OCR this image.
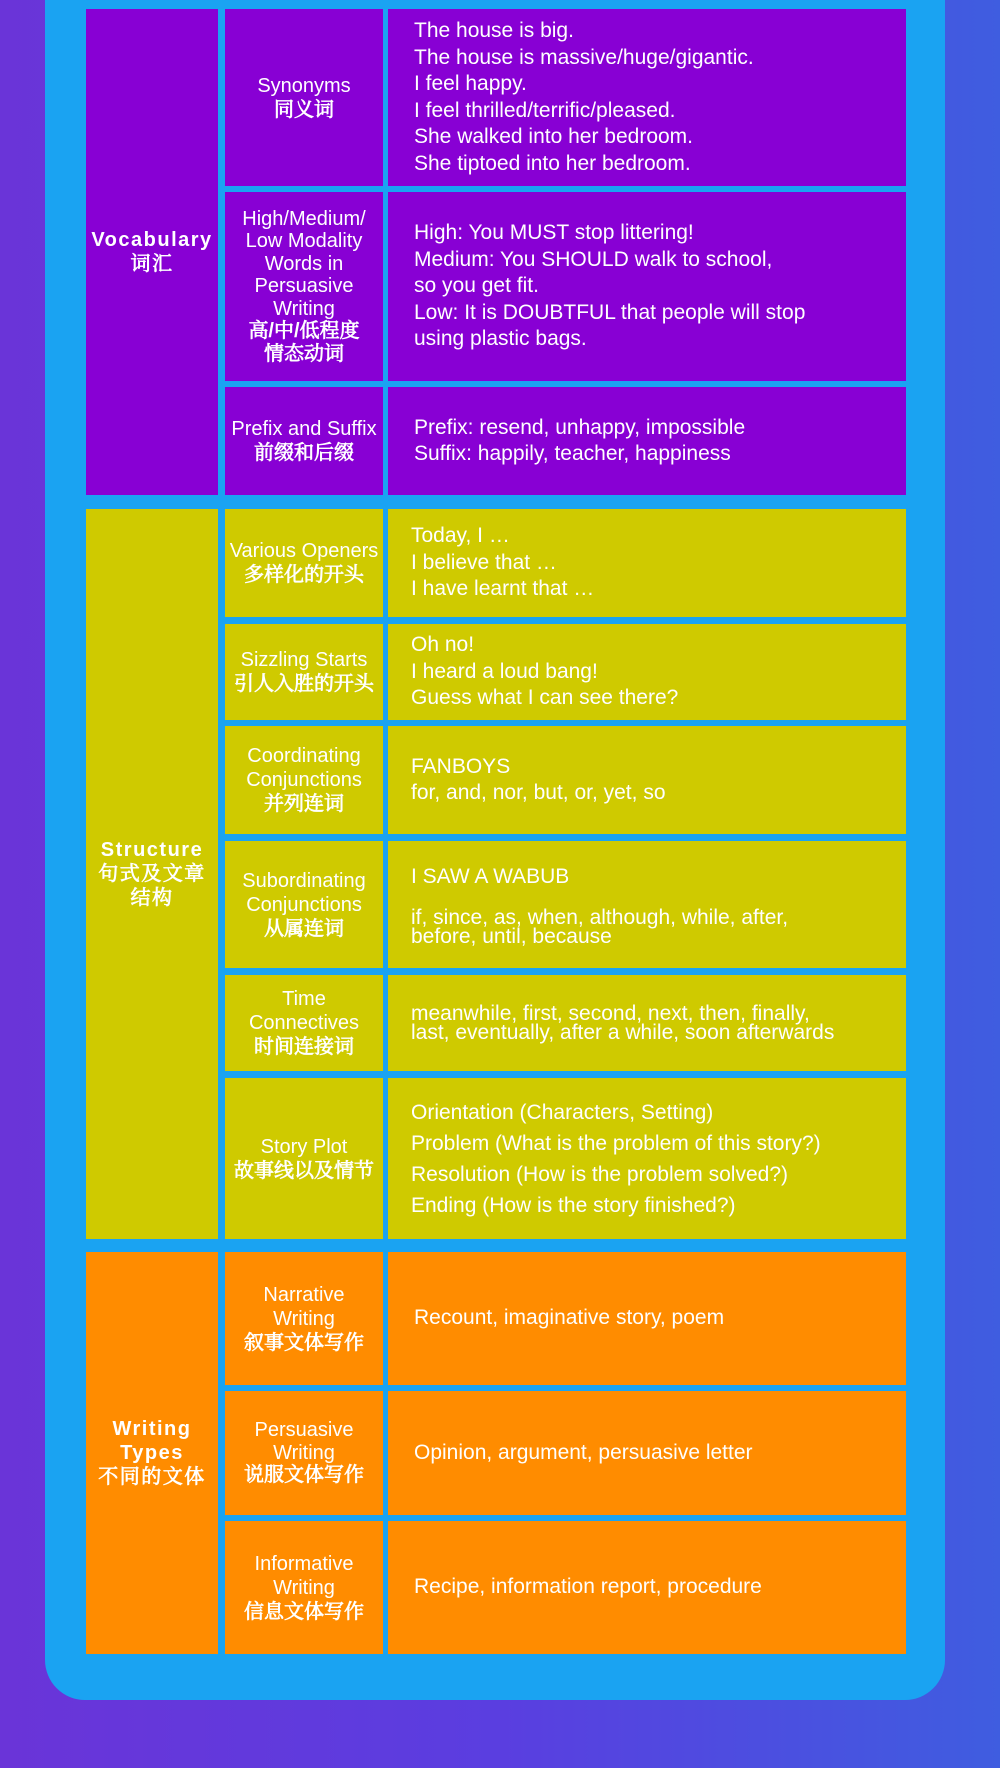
Vocabulary
词汇
Synonyms
同义词
The house is big.
The house is massive/huge/gigantic.
I feel happy.
I feel thrilled/terrific/pleased.
She walked into her bedroom.
She tiptoed into her bedroom.
High/Medium/
Low Modality
Words in
Persuasive
Writing
高/中/低程度
情态动词
High: You MUST stop littering!
Medium: You SHOULD walk to school,
so you get fit.
Low: It is DOUBTFUL that people will stop
using plastic bags.
Prefix and Suffix
前缀和后缀
Prefix: resend, unhappy, impossible
Suffix: happily, teacher, happiness
Structure
句式及文章结构
Various Openers
多样化的开头
Today, I …
I believe that …
I have learnt that …
Sizzling Starts
引人入胜的开头
Oh no!
I heard a loud bang!
Guess what I can see there?
Coordinating
Conjunctions
并列连词
FANBOYS
for, and, nor, but, or, yet, so
Subordinating
Conjunctions
从属连词
I SAW A WABUB
if, since, as, when, although, while, after,
before, until, because
Time
Connectives
时间连接词
meanwhile, first, second, next, then, finally,
last, eventually, after a while, soon afterwards
Story Plot
故事线以及情节
Orientation (Characters, Setting)
Problem (What is the problem of this story?)
Resolution (How is the problem solved?)
Ending (How is the story finished?)
Writing Types
不同的文体
Narrative
Writing
叙事文体写作
Recount, imaginative story, poem
Persuasive
Writing
说服文体写作
Opinion, argument, persuasive letter
Informative
Writing
信息文体写作
Recipe, information report, procedure
